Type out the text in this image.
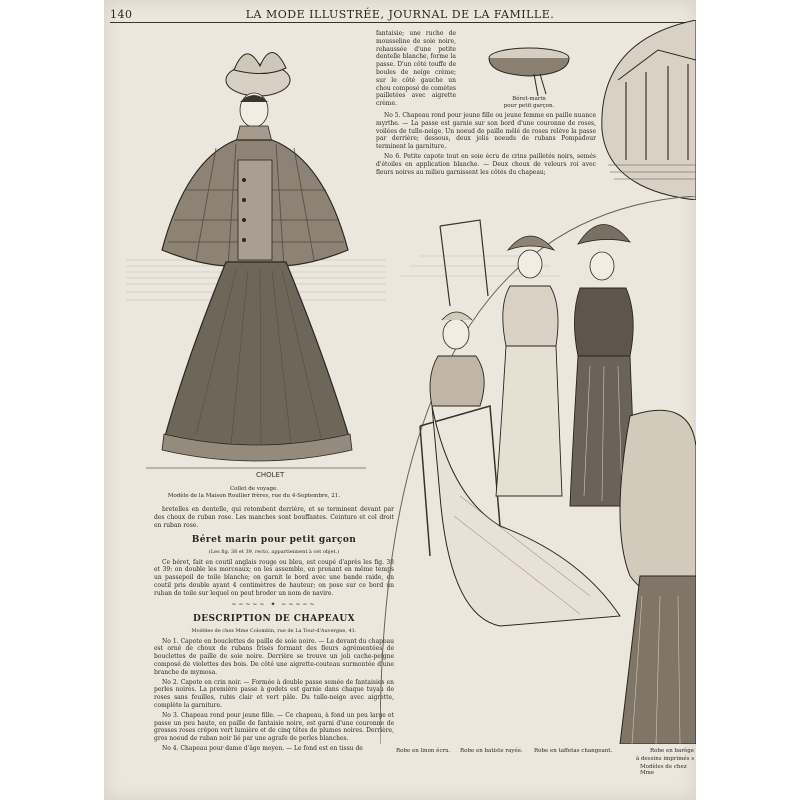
140	LA MODE ILLUSTRÉE, JOURNAL DE LA FAMILLE.
CHOLET
Collet de voyage.
Modèle de la Maison Roullier frères, rue du 4-Septembre, 21.

bretelles en dentelle, qui retombent derrière, et se terminent devant par des choux de ruban rose. Les manches sont bouffantes. Ceinture et col droit en ruban rose.

Béret marin pour petit garçon
(Les fig. 38 et 39, recto, appartiennent à cet objet.)

Ce béret, fait en coutil anglais rouge ou bleu, est coupé d'après les fig. 38 et 39: on double les morceaux; on les assemble, en prenant en même temps un passepoil de toile blanche; on garnit le bord avec une bande raide, en coutil pris double ayant 4 centimètres de hauteur; on pose sur ce bord un ruban de toile sur lequel on peut broder un nom de navire.

~~~~~ ✦ ~~~~~
DESCRIPTION DE CHAPEAUX
Modèles de chez Mme Colombin, rue de La Tour-d'Auvergne, 41.

No 1. Capote en bouclettes de paille de soie noire. — Le devant du chapeau est orné de choux de rubans frisés formant des fleurs agrémentées de bouclettes de paille de soie noire. Derrière se trouve un joli cache-peigne composé de violettes des bois. De côté une aigrette-couteau surmontée d'une branche de mymosa.

No 2. Capote en crin noir. — Formée à double passe semée de fantaisies en perles noires. La première passe à godets est garnie dans chaque tuyau de roses sans feuilles, rubis clair et vert pâle. Du tulle-neige avec aigrette, complète la garniture.

No 3. Chapeau rond pour jeune fille. — Ce chapeau, à fond un peu large et passe un peu haute, en paille de fantaisie noire, est garni d'une couronne de grosses roses crépon vert lumière et de cinq têtes de plumes noires. Derrière, gros noeud de ruban noir lié par une agrafe de perles blanches.

No 4. Chapeau pour dame d'âge moyen. — Le fond est en tissu de

fantaisie; une ruche de mousseline de soie noire, rehaussée d'une petite dentelle blanche, forme la passe. D'un côté touffe de boules de neige crème; sur le côté gauche un chou composé de comètes pailletées avec aigrette crème.

No 5. Chapeau rond pour jeune fille ou jeune femme en paille nuance myrthe. — La passe est garnie sur son bord d'une couronne de roses, voilées de tulle-neige. Un noeud de paille mêlé de roses relève la passe par derrière; dessous, deux jolis noeuds de rubans Pompadour terminent la garniture.

No 6. Petite capote tout en soie écru de crins pailletés noirs, semés d'étoiles en application blanche. — Deux choux de velours roi avec fleurs noires au milieu garnissent les côtés du chapeau;

Béret-marin
pour petit garçon.
Robe en linon écru. Robe en batiste rayée. Robe en taffetas changeant.	Robe en barège
à dessins imprimés s
Modèles de chez Mme
